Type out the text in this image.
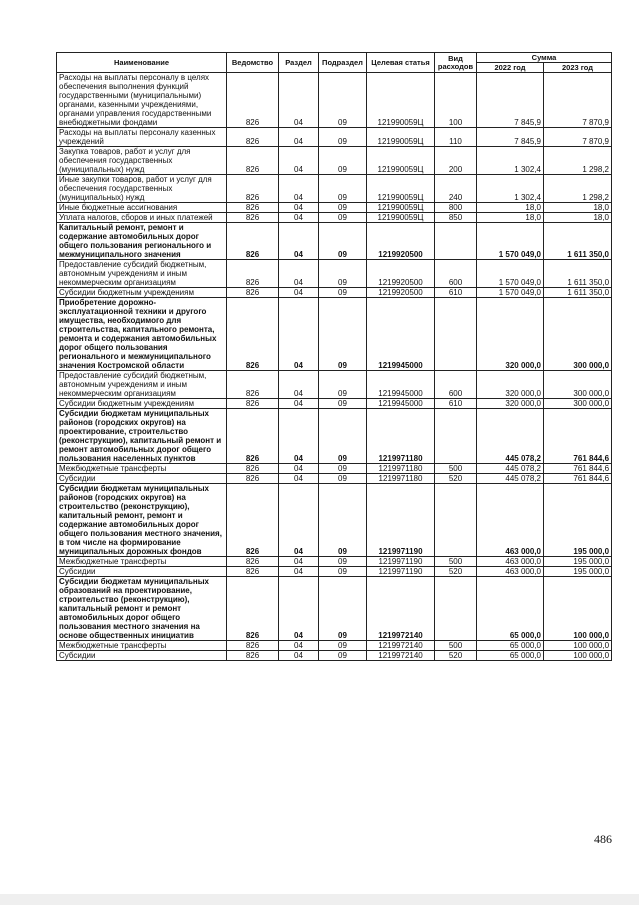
Наименование	Ведомство	Раздел	Подраздел	Целевая статья	Вид расходов	Сумма	
						2022 год	2023 год
Расходы на выплаты персоналу в целях обеспечения выполнения функций государственными (муниципальными) органами, казенными учреждениями, органами управления государственными внебюджетными фондами	826	04	09	121990059Ц	100	7 845,9	7 870,9
Расходы на выплаты персоналу казенных учреждений	826	04	09	121990059Ц	110	7 845,9	7 870,9
Закупка товаров, работ и услуг для обеспечения государственных (муниципальных) нужд	826	04	09	121990059Ц	200	1 302,4	1 298,2
Иные закупки товаров, работ и услуг для обеспечения государственных (муниципальных) нужд	826	04	09	121990059Ц	240	1 302,4	1 298,2
Иные бюджетные ассигнования	826	04	09	121990059Ц	800	18,0	18,0
Уплата налогов, сборов и иных платежей	826	04	09	121990059Ц	850	18,0	18,0
Капитальный ремонт, ремонт и содержание автомобильных дорог общего пользования регионального и межмуниципального значения	826	04	09	1219920500		1 570 049,0	1 611 350,0
Предоставление субсидий бюджетным, автономным учреждениям и иным некоммерческим организациям	826	04	09	1219920500	600	1 570 049,0	1 611 350,0
Субсидии бюджетным учреждениям	826	04	09	1219920500	610	1 570 049,0	1 611 350,0
Приобретение дорожно-эксплуатационной техники и другого имущества, необходимого для строительства, капитального ремонта, ремонта и содержания автомобильных дорог общего пользования регионального и межмуниципального значения Костромской области	826	04	09	1219945000		320 000,0	300 000,0
Предоставление субсидий бюджетным, автономным учреждениям и иным некоммерческим организациям	826	04	09	1219945000	600	320 000,0	300 000,0
Субсидии бюджетным учреждениям	826	04	09	1219945000	610	320 000,0	300 000,0
Субсидии бюджетам муниципальных районов (городских округов) на проектирование, строительство (реконструкцию), капитальный ремонт и ремонт автомобильных дорог общего пользования населенных пунктов	826	04	09	1219971180		445 078,2	761 844,6
Межбюджетные трансферты	826	04	09	1219971180	500	445 078,2	761 844,6
Субсидии	826	04	09	1219971180	520	445 078,2	761 844,6
Субсидии бюджетам муниципальных районов (городских округов) на строительство (реконструкцию), капитальный ремонт, ремонт и содержание автомобильных дорог общего пользования местного значения, в том числе на формирование муниципальных дорожных фондов	826	04	09	1219971190		463 000,0	195 000,0
Межбюджетные трансферты	826	04	09	1219971190	500	463 000,0	195 000,0
Субсидии	826	04	09	1219971190	520	463 000,0	195 000,0
Субсидии бюджетам муниципальных образований на проектирование, строительство (реконструкцию), капитальный ремонт и ремонт автомобильных дорог общего пользования местного значения на основе общественных инициатив	826	04	09	1219972140		65 000,0	100 000,0
Межбюджетные трансферты	826	04	09	1219972140	500	65 000,0	100 000,0
Субсидии	826	04	09	1219972140	520	65 000,0	100 000,0
486
